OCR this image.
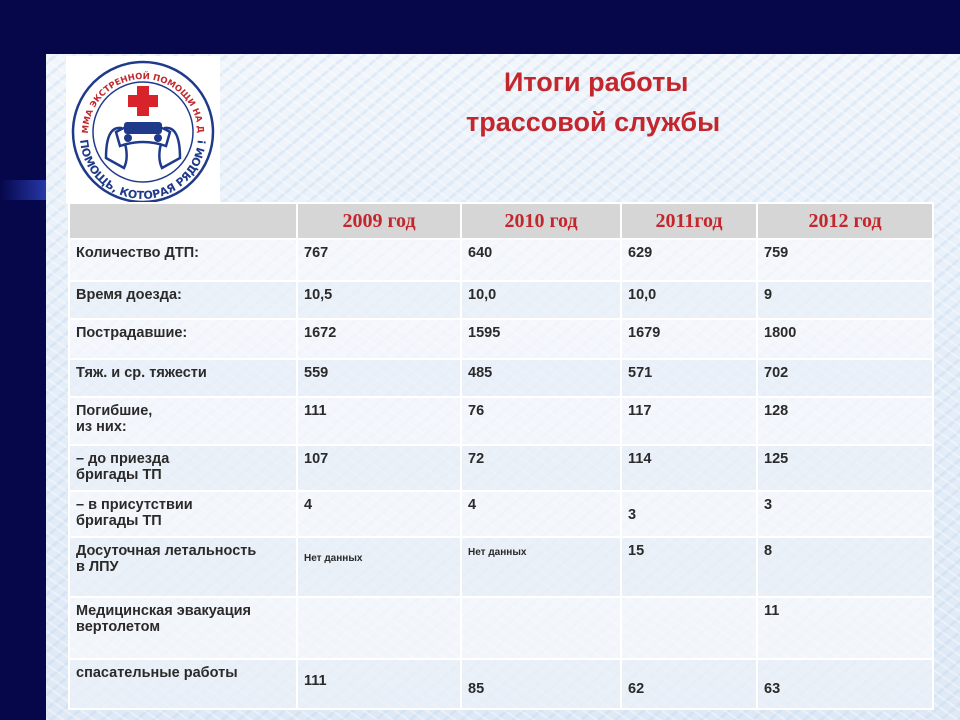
ММА ЭКСТРЕННОЙ ПОМОЩИ НА Д
ПОМОЩЬ, КОТОРАЯ РЯДОМ !
Итоги работы
трассовой службы
	2009 год	2010 год	2011год	2012 год
Количество ДТП:	767	640	629	759
Время доезда:	10,5	10,0	10,0	9
Пострадавшие:	1672	1595	1679	1800
Тяж. и ср. тяжести	559	485	571	702

Погибшие,
из них:	111	76	117	128

– до приезда
бригады ТП	107	72	114	125

– в присутствии
бригады ТП	4	4	3	3

Досуточная летальность
в ЛПУ	Нет данных	Нет данных	15	8

Медицинская эвакуация
вертолетом				11
спасательные работы	111	85	62	63
